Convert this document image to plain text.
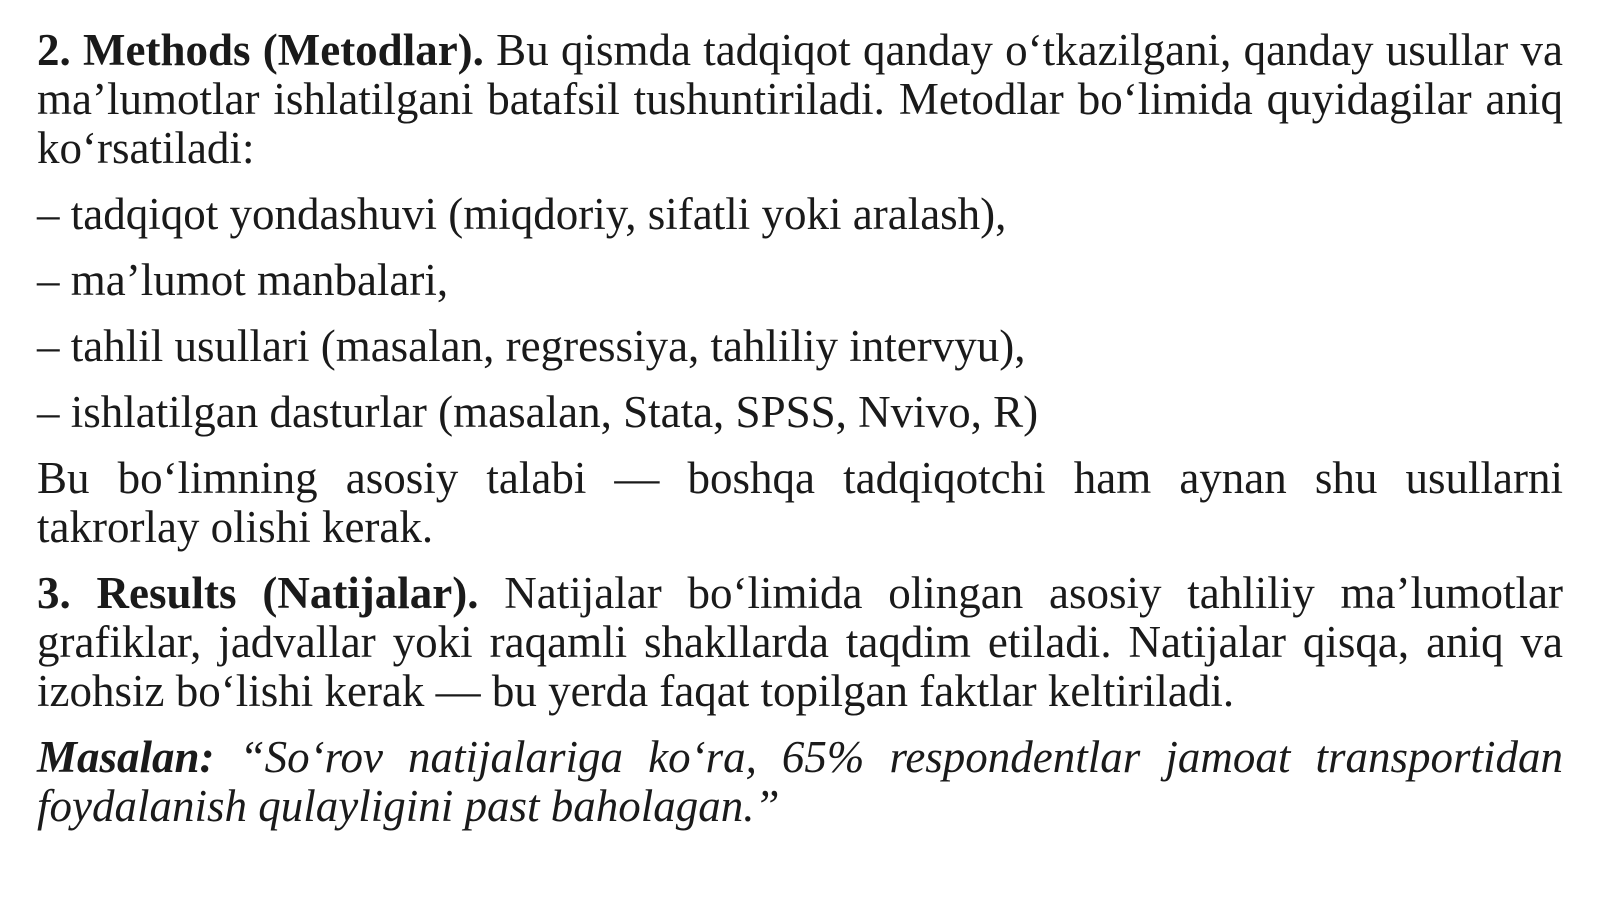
2. Methods (Metodlar). Bu qismda tadqiqot qanday o‘tkazilgani, qanday usullar va ma’lumotlar ishlatilgani batafsil tushuntiriladi. Metodlar bo‘limida quyidagilar aniq ko‘rsatiladi:

– tadqiqot yondashuvi (miqdoriy, sifatli yoki aralash),

– ma’lumot manbalari,

– tahlil usullari (masalan, regressiya, tahliliy intervyu),

– ishlatilgan dasturlar (masalan, Stata, SPSS, Nvivo, R)

Bu bo‘limning asosiy talabi — boshqa tadqiqotchi ham aynan shu usullarni takrorlay olishi kerak.

3. Results (Natijalar). Natijalar bo‘limida olingan asosiy tahliliy ma’lumotlar grafiklar, jadvallar yoki raqamli shakllarda taqdim etiladi. Natijalar qisqa, aniq va izohsiz bo‘lishi kerak — bu yerda faqat topilgan faktlar keltiriladi.

Masalan: “So‘rov natijalariga ko‘ra, 65% respondentlar jamoat transportidan foydalanish qulayligini past baholagan.”
